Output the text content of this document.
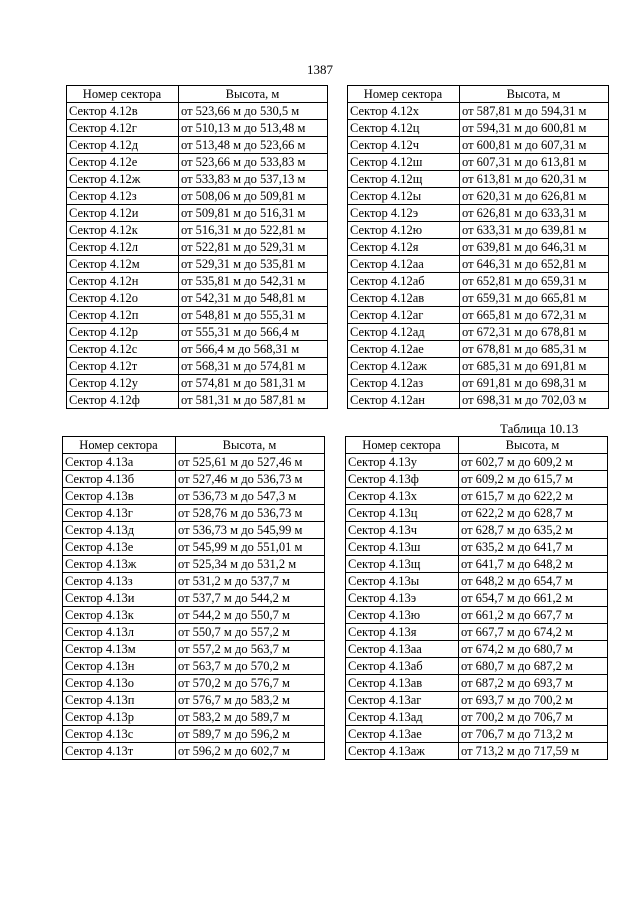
1387
Номер сектора	Высота, м
Сектор 4.12в	от 523,66 м до 530,5 м
Сектор 4.12г	от 510,13 м до 513,48 м
Сектор 4.12д	от 513,48 м до 523,66 м
Сектор 4.12е	от 523,66 м до 533,83 м
Сектор 4.12ж	от 533,83 м до 537,13 м
Сектор 4.12з	от 508,06 м до 509,81 м
Сектор 4.12и	от 509,81 м до 516,31 м
Сектор 4.12к	от 516,31 м до 522,81 м
Сектор 4.12л	от 522,81 м до 529,31 м
Сектор 4.12м	от 529,31 м до 535,81 м
Сектор 4.12н	от 535,81 м до 542,31 м
Сектор 4.12о	от 542,31 м до 548,81 м
Сектор 4.12п	от 548,81 м до 555,31 м
Сектор 4.12р	от 555,31 м до 566,4 м
Сектор 4.12с	от 566,4 м до 568,31 м
Сектор 4.12т	от 568,31 м до 574,81 м
Сектор 4.12у	от 574,81 м до 581,31 м
Сектор 4.12ф	от 581,31 м до 587,81 м
Номер сектора	Высота, м
Сектор 4.12х	от 587,81 м до 594,31 м
Сектор 4.12ц	от 594,31 м до 600,81 м
Сектор 4.12ч	от 600,81 м до 607,31 м
Сектор 4.12ш	от 607,31 м до 613,81 м
Сектор 4.12щ	от 613,81 м до 620,31 м
Сектор 4.12ы	от 620,31 м до 626,81 м
Сектор 4.12э	от 626,81 м до 633,31 м
Сектор 4.12ю	от 633,31 м до 639,81 м
Сектор 4.12я	от 639,81 м до 646,31 м
Сектор 4.12аа	от 646,31 м до 652,81 м
Сектор 4.12аб	от 652,81 м до 659,31 м
Сектор 4.12ав	от 659,31 м до 665,81 м
Сектор 4.12аг	от 665,81 м до 672,31 м
Сектор 4.12ад	от 672,31 м до 678,81 м
Сектор 4.12ае	от 678,81 м до 685,31 м
Сектор 4.12аж	от 685,31 м до 691,81 м
Сектор 4.12аз	от 691,81 м до 698,31 м
Сектор 4.12ан	от 698,31 м до 702,03 м
Таблица 10.13
Номер сектора	Высота, м
Сектор 4.13а	от 525,61 м до 527,46 м
Сектор 4.13б	от 527,46 м до 536,73 м
Сектор 4.13в	от 536,73 м до 547,3 м
Сектор 4.13г	от 528,76 м до 536,73 м
Сектор 4.13д	от 536,73 м до 545,99 м
Сектор 4.13е	от 545,99 м до 551,01 м
Сектор 4.13ж	от 525,34 м до 531,2 м
Сектор 4.13з	от 531,2 м до 537,7 м
Сектор 4.13и	от 537,7 м до 544,2 м
Сектор 4.13к	от 544,2 м до 550,7 м
Сектор 4.13л	от 550,7 м до 557,2 м
Сектор 4.13м	от 557,2 м до 563,7 м
Сектор 4.13н	от 563,7 м до 570,2 м
Сектор 4.13о	от 570,2 м до 576,7 м
Сектор 4.13п	от 576,7 м до 583,2 м
Сектор 4.13р	от 583,2 м до 589,7 м
Сектор 4.13с	от 589,7 м до 596,2 м
Сектор 4.13т	от 596,2 м до 602,7 м
Номер сектора	Высота, м
Сектор 4.13у	от 602,7 м до 609,2 м
Сектор 4.13ф	от 609,2 м до 615,7 м
Сектор 4.13х	от 615,7 м до 622,2 м
Сектор 4.13ц	от 622,2 м до 628,7 м
Сектор 4.13ч	от 628,7 м до 635,2 м
Сектор 4.13ш	от 635,2 м до 641,7 м
Сектор 4.13щ	от 641,7 м до 648,2 м
Сектор 4.13ы	от 648,2 м до 654,7 м
Сектор 4.13э	от 654,7 м до 661,2 м
Сектор 4.13ю	от 661,2 м до 667,7 м
Сектор 4.13я	от 667,7 м до 674,2 м
Сектор 4.13аа	от 674,2 м до 680,7 м
Сектор 4.13аб	от 680,7 м до 687,2 м
Сектор 4.13ав	от 687,2 м до 693,7 м
Сектор 4.13аг	от 693,7 м до 700,2 м
Сектор 4.13ад	от 700,2 м до 706,7 м
Сектор 4.13ае	от 706,7 м до 713,2 м
Сектор 4.13аж	от 713,2 м до 717,59 м
